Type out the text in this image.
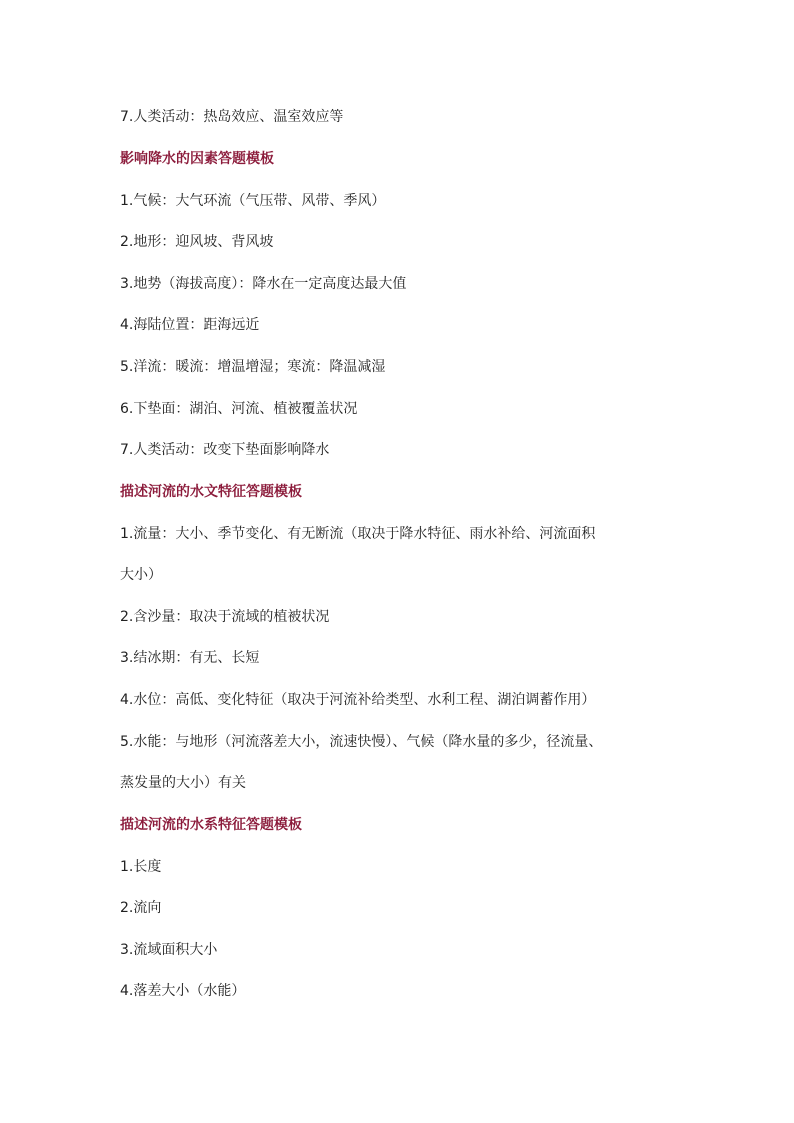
7.人类活动：热岛效应、温室效应等
影响降水的因素答题模板
1.气候：大气环流（气压带、风带、季风）
2.地形：迎风坡、背风坡
3.地势（海拔高度）：降水在一定高度达最大值
4.海陆位置：距海远近
5.洋流：暖流：增温增湿；寒流：降温减湿
6.下垫面：湖泊、河流、植被覆盖状况
7.人类活动：改变下垫面影响降水
描述河流的水文特征答题模板
1.流量：大小、季节变化、有无断流（取决于降水特征、雨水补给、河流面积
大小）
2.含沙量：取决于流域的植被状况
3.结冰期：有无、长短
4.水位：高低、变化特征（取决于河流补给类型、水利工程、湖泊调蓄作用）
5.水能：与地形（河流落差大小，流速快慢）、气候（降水量的多少，径流量、
蒸发量的大小）有关
描述河流的水系特征答题模板
1.长度
2.流向
3.流域面积大小
4.落差大小（水能）
